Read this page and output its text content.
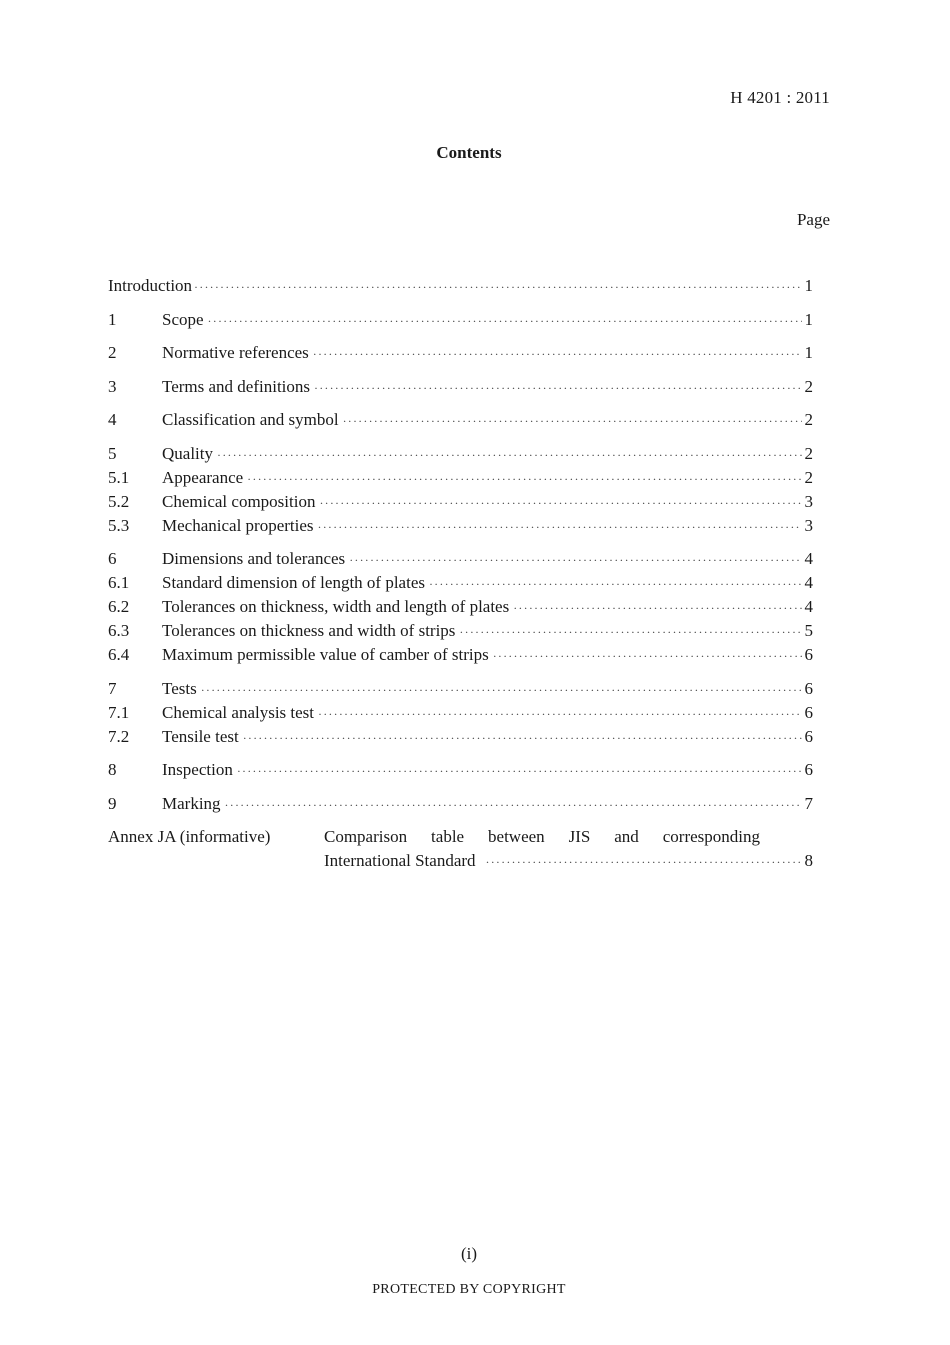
H 4201 : 2011
Contents
Page
Introduction ·····	1
1	Scope ·····	1
2	Normative references ·····	1
3	Terms and definitions ·····	2
4	Classification and symbol ·····	2
5	Quality ·····	2
5.1	Appearance ·····	2
5.2	Chemical composition ·····	3
5.3	Mechanical properties ·····	3
6	Dimensions and tolerances ·····	4
6.1	Standard dimension of length of plates ·····	4
6.2	Tolerances on thickness, width and length of plates ·····	4
6.3	Tolerances on thickness and width of strips ·····	5
6.4	Maximum permissible value of camber of strips ·····	6
7	Tests ·····	6
7.1	Chemical analysis test ·····	6
7.2	Tensile test ·····	6
8	Inspection ·····	6
9	Marking ·····	7
Annex JA (informative)	Comparison table between JIS and corresponding
International Standard ·····	8
(i)
PROTECTED BY COPYRIGHT
